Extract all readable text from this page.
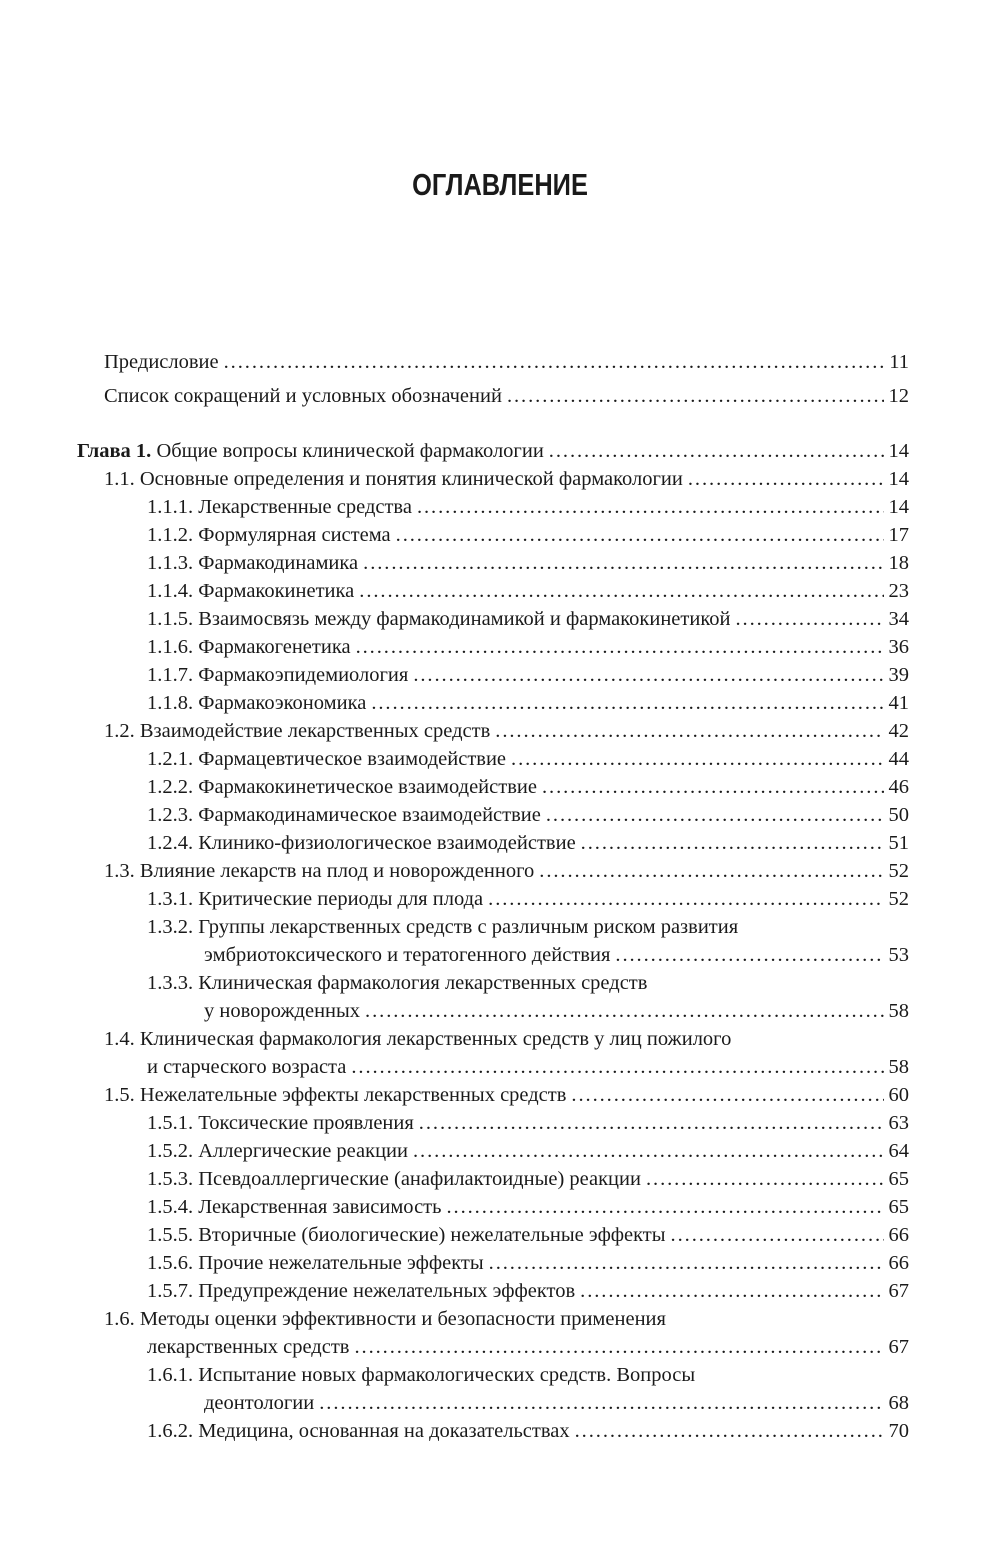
ОГЛАВЛЕНИЕ
Предисловие . . .	11
Список сокращений и условных обозначений . . .	12
Глава 1. Общие вопросы клинической фармакологии . . .	14
1.1. Основные определения и понятия клинической фармакологии . . .	14
1.1.1. Лекарственные средства . . .	14
1.1.2. Формулярная система . . .	17
1.1.3. Фармакодинамика . . .	18
1.1.4. Фармакокинетика . . .	23
1.1.5. Взаимосвязь между фармакодинамикой и фармакокинетикой . . .	34
1.1.6. Фармакогенетика . . .	36
1.1.7. Фармакоэпидемиология . . .	39
1.1.8. Фармакоэкономика . . .	41
1.2. Взаимодействие лекарственных средств . . .	42
1.2.1. Фармацевтическое взаимодействие . . .	44
1.2.2. Фармакокинетическое взаимодействие . . .	46
1.2.3. Фармакодинамическое взаимодействие . . .	50
1.2.4. Клинико-физиологическое взаимодействие . . .	51
1.3. Влияние лекарств на плод и новорожденного . . .	52
1.3.1. Критические периоды для плода . . .	52
1.3.2. Группы лекарственных средств с различным риском развития
эмбриотоксического и тератогенного действия . . .	53
1.3.3. Клиническая фармакология лекарственных средств
у новорожденных . . .	58
1.4. Клиническая фармакология лекарственных средств у лиц пожилого
и старческого возраста . . .	58
1.5. Нежелательные эффекты лекарственных средств . . .	60
1.5.1. Токсические проявления . . .	63
1.5.2. Аллергические реакции . . .	64
1.5.3. Псевдоаллергические (анафилактоидные) реакции . . .	65
1.5.4. Лекарственная зависимость . . .	65
1.5.5. Вторичные (биологические) нежелательные эффекты . . .	66
1.5.6. Прочие нежелательные эффекты . . .	66
1.5.7. Предупреждение нежелательных эффектов . . .	67
1.6. Методы оценки эффективности и безопасности применения
лекарственных средств . . .	67
1.6.1. Испытание новых фармакологических средств. Вопросы
деонтологии . . .	68
1.6.2. Медицина, основанная на доказательствах . . .	70
